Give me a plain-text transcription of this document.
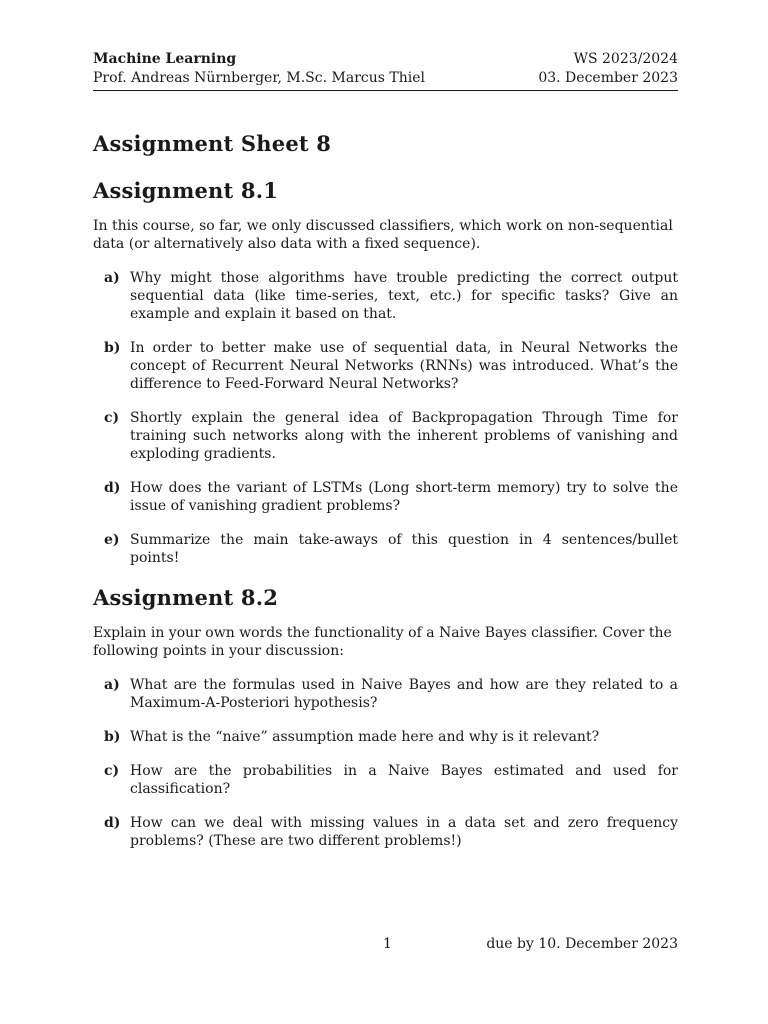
Machine Learning
Prof. Andreas Nürnberger, M.Sc. Marcus Thiel
WS 2023/2024
03. December 2023
Assignment Sheet 8
Assignment 8.1

In this course, so far, we only discussed classifiers, which work on non-sequential data (or alternatively also data with a fixed sequence).

a) Why might those algorithms have trouble predicting the correct output sequential data (like time-series, text, etc.) for specific tasks? Give an example and explain it based on that.
b) In order to better make use of sequential data, in Neural Networks the concept of Recurrent Neural Networks (RNNs) was introduced. What’s the difference to Feed-Forward Neural Networks?
c) Shortly explain the general idea of Backpropagation Through Time for training such networks along with the inherent problems of vanishing and exploding gradients.
d) How does the variant of LSTMs (Long short-term memory) try to solve the issue of vanishing gradient problems?
e) Summarize the main take-aways of this question in 4 sentences/bullet points!
Assignment 8.2

Explain in your own words the functionality of a Naive Bayes classifier. Cover the following points in your discussion:

a) What are the formulas used in Naive Bayes and how are they related to a Maximum-A-Posteriori hypothesis?
b) What is the “naive” assumption made here and why is it relevant?
c) How are the probabilities in a Naive Bayes estimated and used for classification?
d) How can we deal with missing values in a data set and zero frequency problems? (These are two different problems!)
1	due by 10. December 2023
